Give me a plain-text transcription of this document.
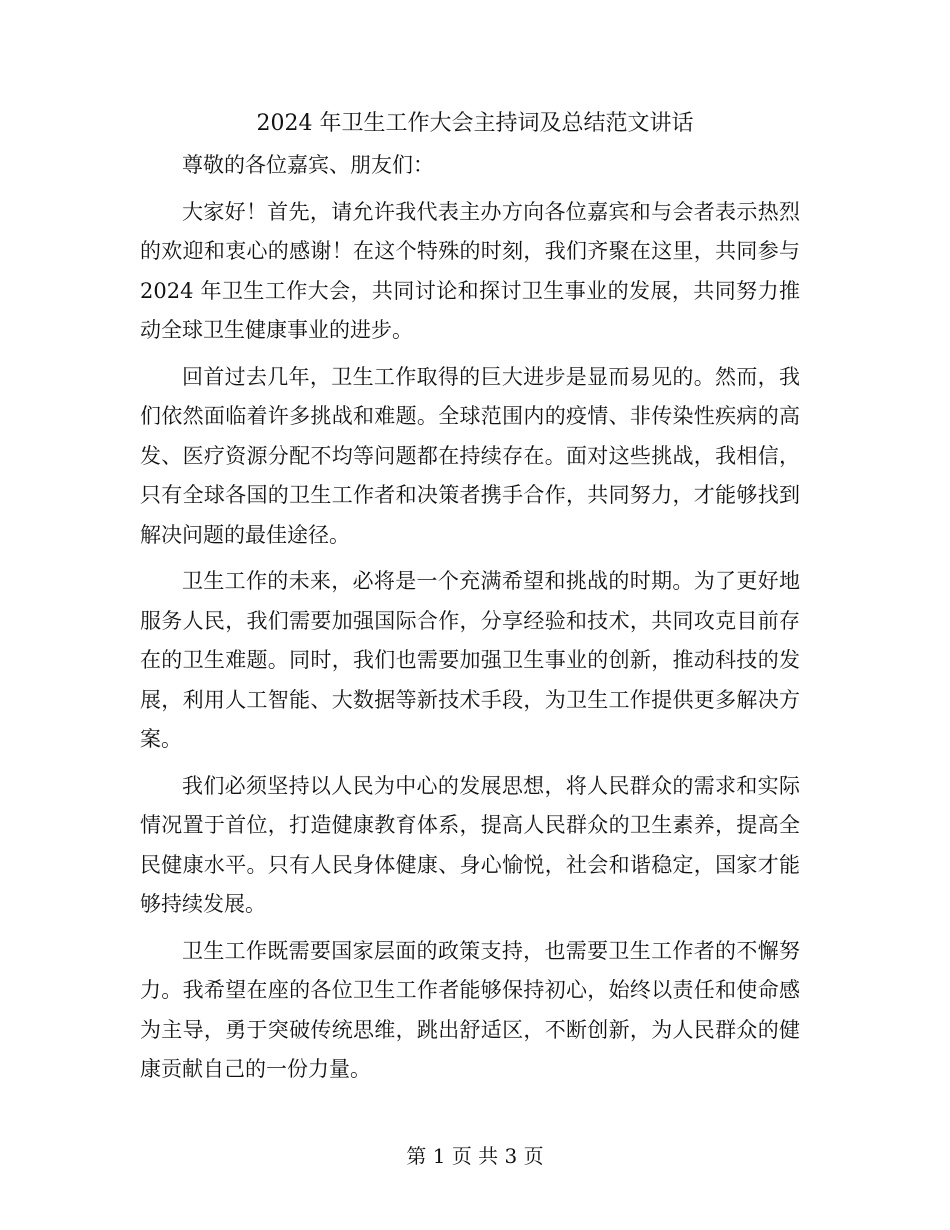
2024 年卫生工作大会主持词及总结范文讲话

尊敬的各位嘉宾、朋友们：

大家好！首先，请允许我代表主办方向各位嘉宾和与会者表示热烈的欢迎和衷心的感谢！在这个特殊的时刻，我们齐聚在这里，共同参与 2024 年卫生工作大会，共同讨论和探讨卫生事业的发展，共同努力推动全球卫生健康事业的进步。

回首过去几年，卫生工作取得的巨大进步是显而易见的。然而，我们依然面临着许多挑战和难题。全球范围内的疫情、非传染性疾病的高发、医疗资源分配不均等问题都在持续存在。面对这些挑战，我相信，只有全球各国的卫生工作者和决策者携手合作，共同努力，才能够找到解决问题的最佳途径。

卫生工作的未来，必将是一个充满希望和挑战的时期。为了更好地服务人民，我们需要加强国际合作，分享经验和技术，共同攻克目前存在的卫生难题。同时，我们也需要加强卫生事业的创新，推动科技的发展，利用人工智能、大数据等新技术手段，为卫生工作提供更多解决方案。

我们必须坚持以人民为中心的发展思想，将人民群众的需求和实际情况置于首位，打造健康教育体系，提高人民群众的卫生素养，提高全民健康水平。只有人民身体健康、身心愉悦，社会和谐稳定，国家才能够持续发展。

卫生工作既需要国家层面的政策支持，也需要卫生工作者的不懈努力。我希望在座的各位卫生工作者能够保持初心，始终以责任和使命感为主导，勇于突破传统思维，跳出舒适区，不断创新，为人民群众的健康贡献自己的一份力量。

第 1 页 共 3 页
